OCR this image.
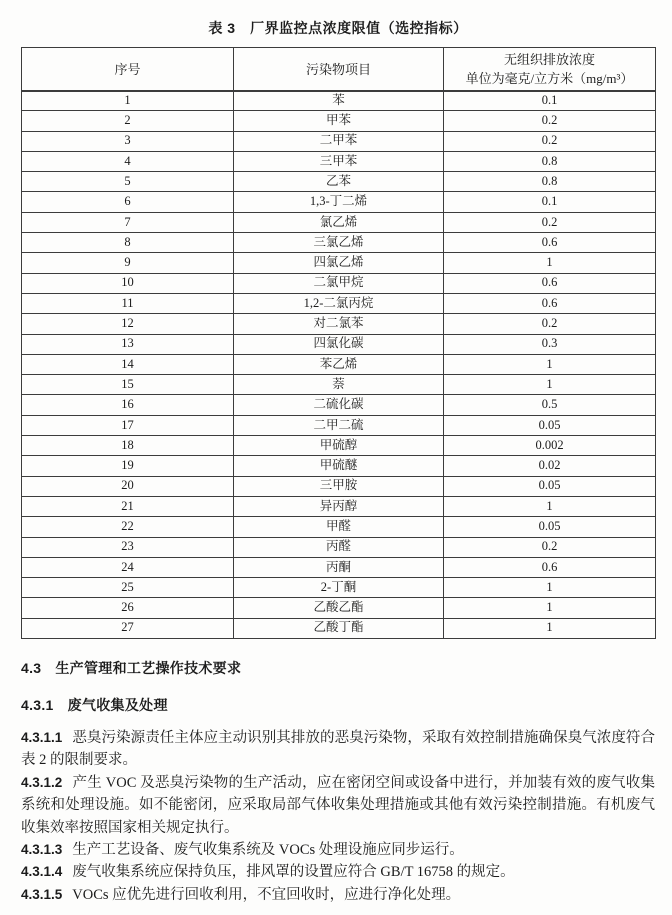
表 3　厂界监控点浓度限值（选控指标）
序号	污染物项目	无组织排放浓度
单位为毫克/立方米（mg/m³）

1	苯	0.1
2	甲苯	0.2
3	二甲苯	0.2
4	三甲苯	0.8
5	乙苯	0.8
6	1,3-丁二烯	0.1
7	氯乙烯	0.2
8	三氯乙烯	0.6
9	四氯乙烯	1
10	二氯甲烷	0.6
11	1,2-二氯丙烷	0.6
12	对二氯苯	0.2
13	四氯化碳	0.3
14	苯乙烯	1
15	萘	1
16	二硫化碳	0.5
17	二甲二硫	0.05
18	甲硫醇	0.002
19	甲硫醚	0.02
20	三甲胺	0.05
21	异丙醇	1
22	甲醛	0.05
23	丙醛	0.2
24	丙酮	0.6
25	2-丁酮	1
26	乙酸乙酯	1
27	乙酸丁酯	1
4.3 生产管理和工艺操作技术要求
4.3.1 废气收集及处理

4.3.1.1 恶臭污染源责任主体应主动识别其排放的恶臭污染物，采取有效控制措施确保臭气浓度符合表 2 的限制要求。

4.3.1.2 产生 VOC 及恶臭污染物的生产活动，应在密闭空间或设备中进行，并加装有效的废气收集系统和处理设施。如不能密闭，应采取局部气体收集处理措施或其他有效污染控制措施。有机废气收集效率按照国家相关规定执行。

4.3.1.3 生产工艺设备、废气收集系统及 VOCs 处理设施应同步运行。

4.3.1.4 废气收集系统应保持负压，排风罩的设置应符合 GB/T 16758 的规定。

4.3.1.5 VOCs 应优先进行回收利用，不宜回收时，应进行净化处理。
